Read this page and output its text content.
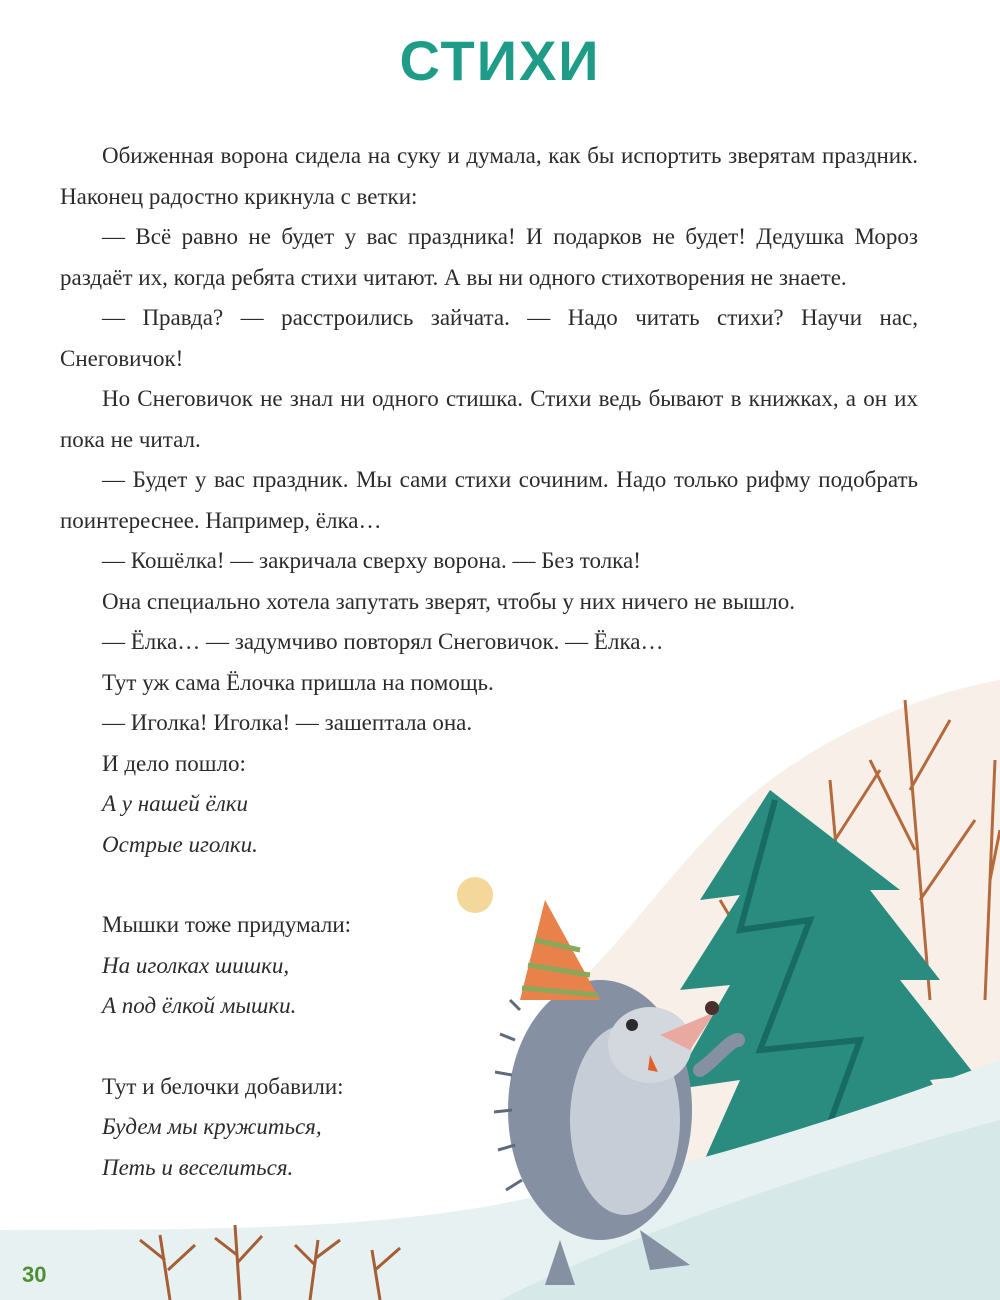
СТИХИ

Обиженная ворона сидела на суку и думала, как бы испортить зверятам праздник. Наконец радостно крикнула с ветки:

— Всё равно не будет у вас праздника! И подарков не будет! Дедушка Мороз раздаёт их, когда ребята стихи читают. А вы ни одного стихотворения не знаете.

— Правда? — расстроились зайчата. — Надо читать стихи? Научи нас, Снеговичок!

Но Снеговичок не знал ни одного стишка. Стихи ведь бывают в книжках, а он их пока не читал.

— Будет у вас праздник. Мы сами стихи сочиним. Надо только рифму подобрать поинтереснее. Например, ёлка…

— Кошёлка! — закричала сверху ворона. — Без толка!

Она специально хотела запутать зверят, чтобы у них ничего не вышло.

— Ёлка… — задумчиво повторял Снеговичок. — Ёлка…

Тут уж сама Ёлочка пришла на помощь.

— Иголка! Иголка! — зашептала она.

И дело пошло:

А у нашей ёлки

Острые иголки.

Мышки тоже придумали:

На иголках шишки,

А под ёлкой мышки.

Тут и белочки добавили:

Будем мы кружиться,

Петь и веселиться.

30
